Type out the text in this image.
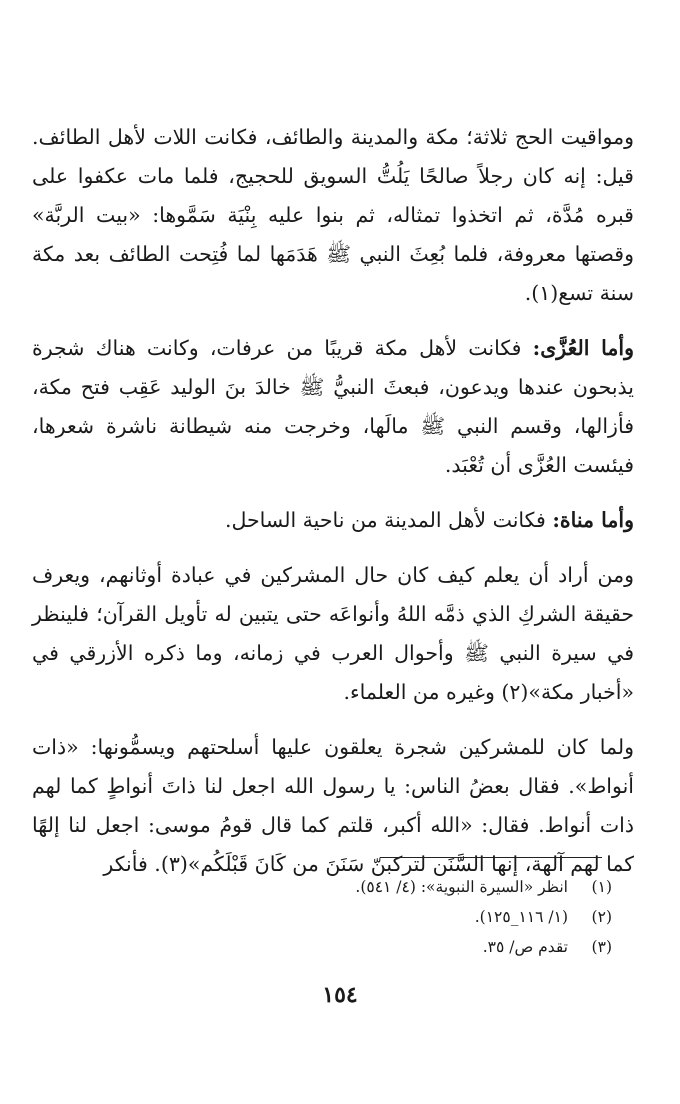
ومواقيت الحج ثلاثة؛ مكة والمدينة والطائف، فكانت اللات لأهل الطائف. قيل: إنه كان رجلاً صالحًا يَلُتُّ السويق للحجيج، فلما مات عكفوا على قبره مُدَّة، ثم اتخذوا تمثاله، ثم بنوا عليه بِنْيَة سَمَّوها: «بيت الربَّة» وقصتها معروفة، فلما بُعِثَ النبي ﷺ هَدَمَها لما فُتِحت الطائف بعد مكة سنة تسع(١).

وأما العُزَّى: فكانت لأهل مكة قريبًا من عرفات، وكانت هناك شجرة يذبحون عندها ويدعون، فبعثَ النبيُّ ﷺ خالدَ بنَ الوليد عَقِب فتح مكة، فأزالها، وقسم النبي ﷺ مالَها، وخرجت منه شيطانة ناشرة شعرها، فيئست العُزَّى أن تُعْبَد.

وأما مناة: فكانت لأهل المدينة من ناحية الساحل.

ومن أراد أن يعلم كيف كان حال المشركين في عبادة أوثانهم، ويعرف حقيقة الشركِ الذي ذمَّه اللهُ وأنواعَه حتى يتبين له تأويل القرآن؛ فلينظر في سيرة النبي ﷺ وأحوال العرب في زمانه، وما ذكره الأزرقي في «أخبار مكة»(٢) وغيره من العلماء.

ولما كان للمشركين شجرة يعلقون عليها أسلحتهم ويسمُّونها: «ذات أنواط». فقال بعضُ الناس: يا رسول الله اجعل لنا ذاتَ أنواطٍ كما لهم ذات أنواط. فقال: «الله أكبر، قلتم كما قال قومُ موسى: اجعل لنا إلهًا كما لهم آلهة، إنها السَّنَن لتركبنّ سَنَنَ من كَانَ قَبْلَكُم»(٣). فأنكر

(١)انظر «السيرة النبوية»: (٤/ ٥٤١).
(٢)(١/ ١١٦_١٢٥).
(٣)تقدم ص/ ٣٥.
١٥٤
